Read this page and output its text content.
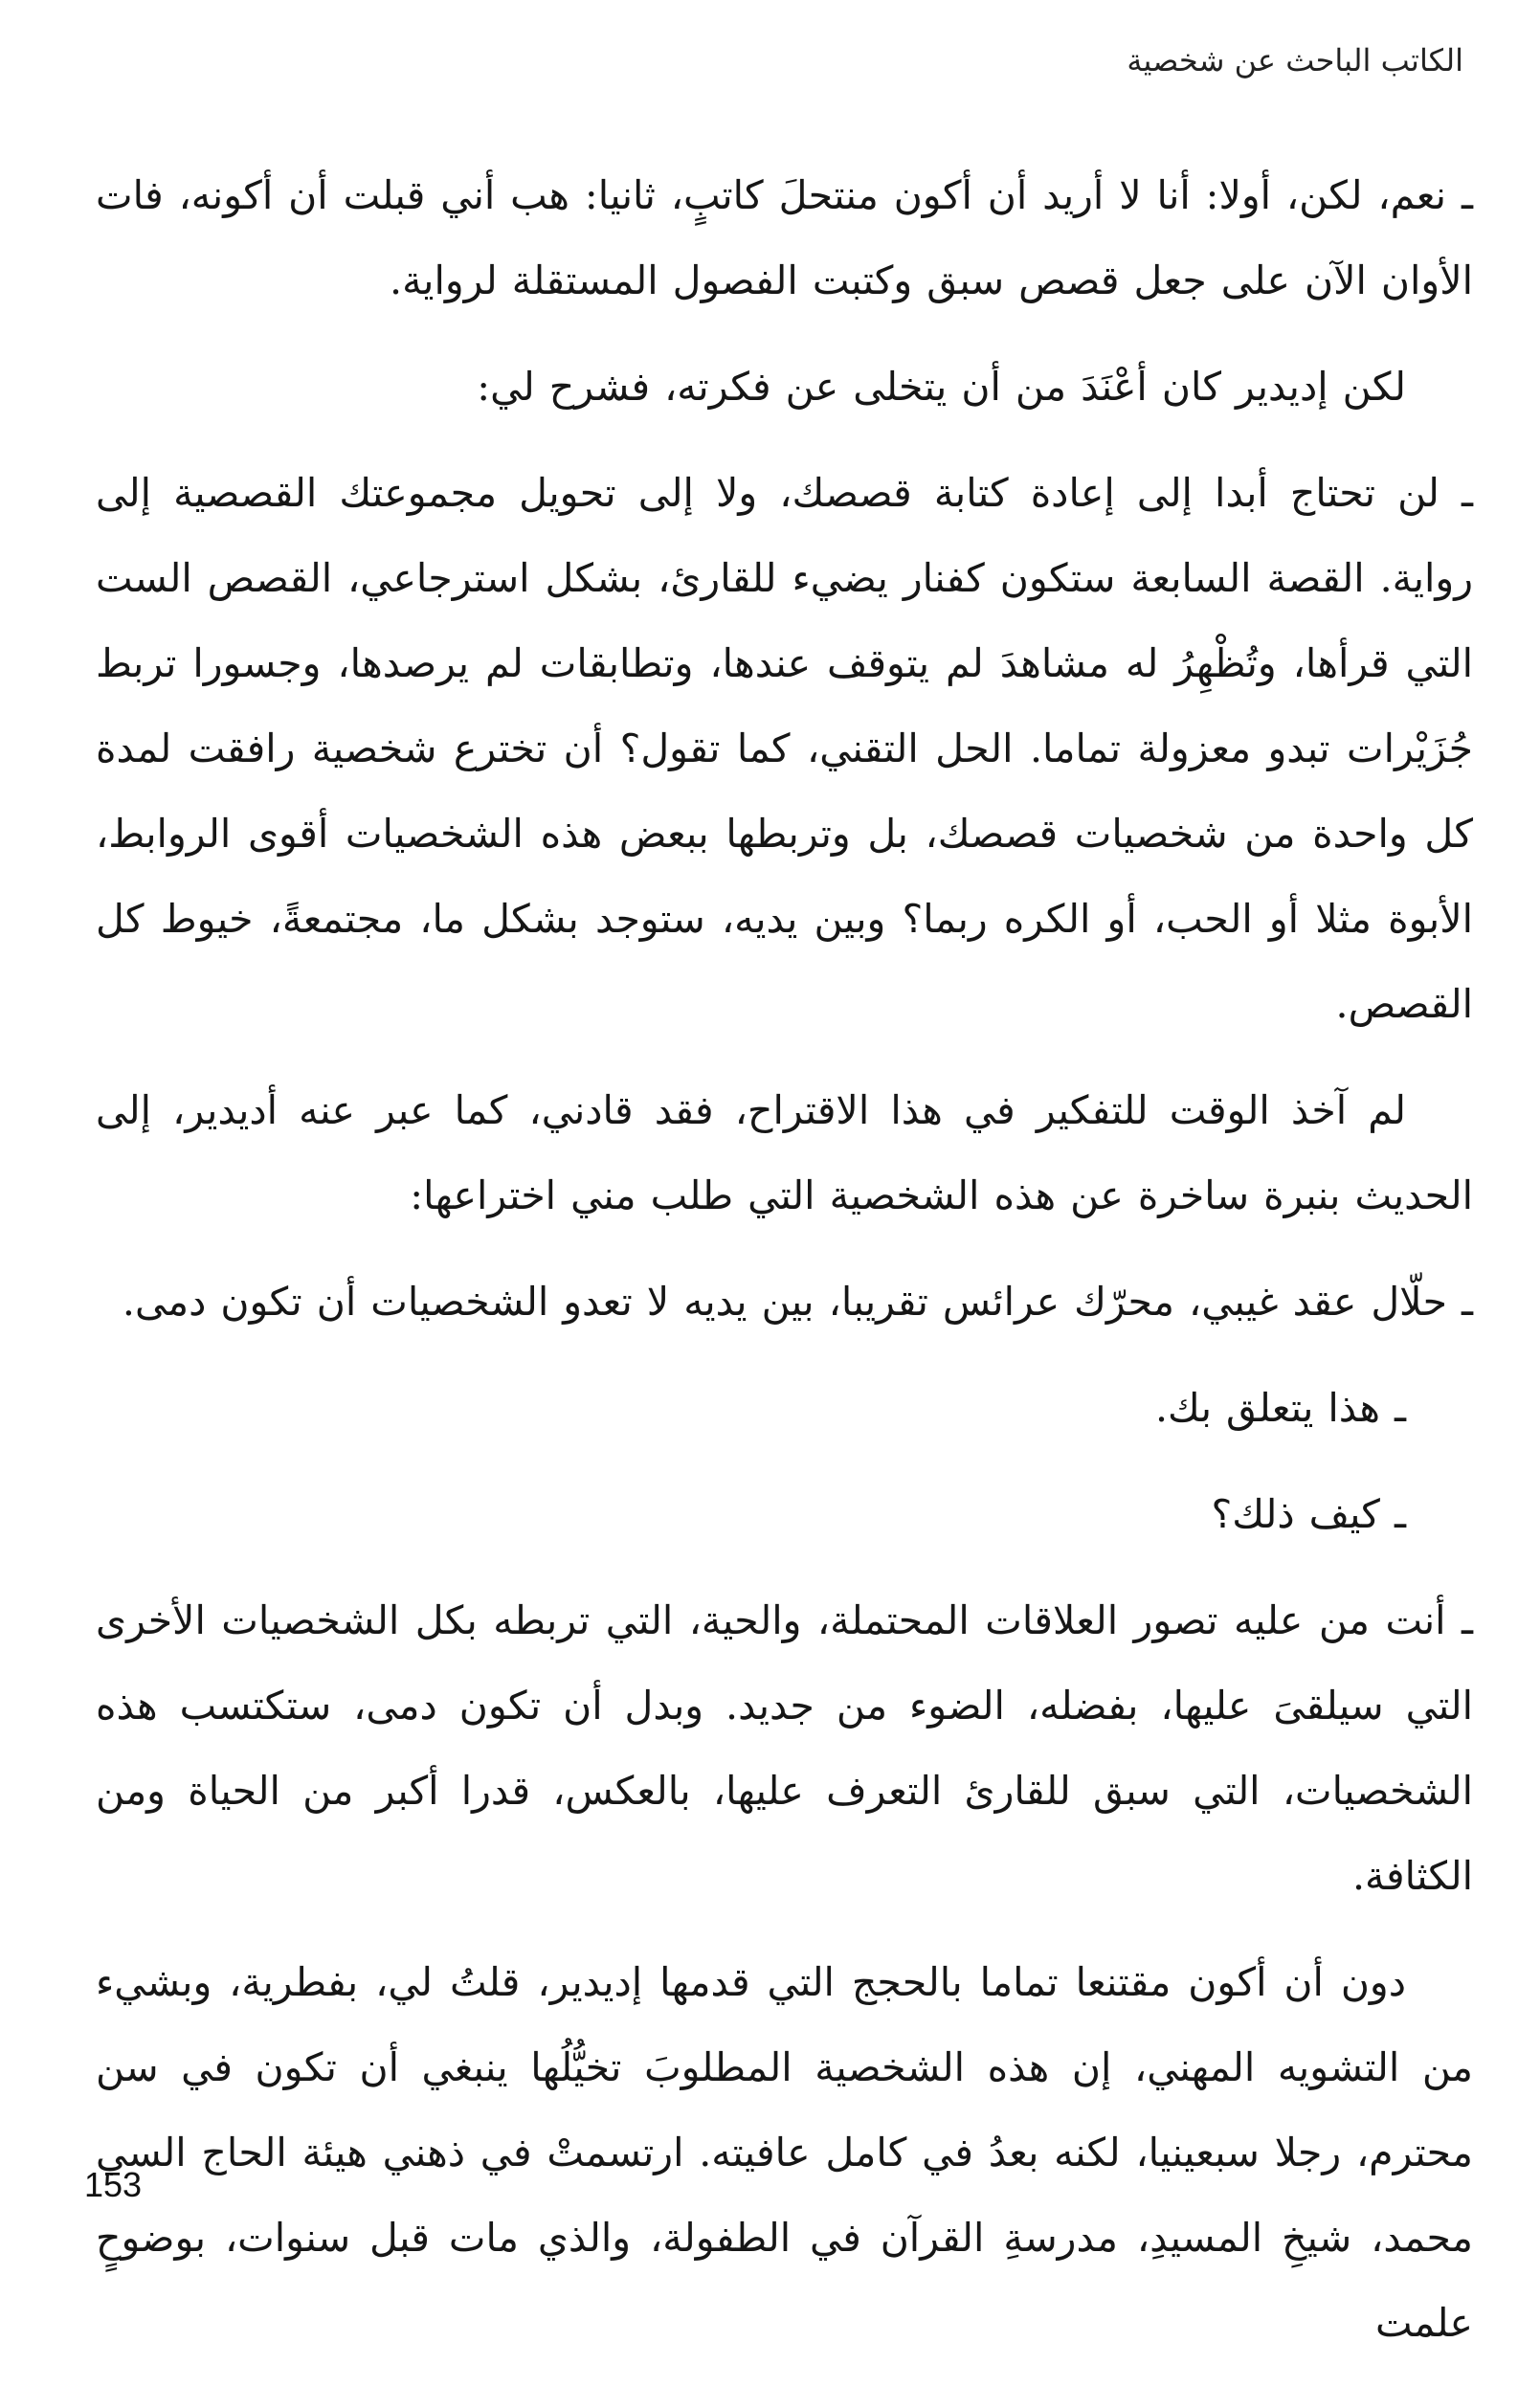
الكاتب الباحث عن شخصية

ـ نعم، لكن، أولا: أنا لا أريد أن أكون منتحلَ كاتبٍ، ثانيا: هب أني قبلت أن أكونه، فات الأوان الآن على جعل قصص سبق وكتبت الفصول المستقلة لرواية.

لكن إديدير كان أعْنَدَ من أن يتخلى عن فكرته، فشرح لي:

ـ لن تحتاج أبدا إلى إعادة كتابة قصصك، ولا إلى تحويل مجموعتك القصصية إلى رواية. القصة السابعة ستكون كفنار يضيء للقارئ، بشكل استرجاعي، القصص الست التي قرأها، وتُظْهِرُ له مشاهدَ لم يتوقف عندها، وتطابقات لم يرصدها، وجسورا تربط جُزَيْرات تبدو معزولة تماما. الحل التقني، كما تقول؟ أن تخترع شخصية رافقت لمدة كل واحدة من شخصيات قصصك، بل وتربطها ببعض هذه الشخصيات أقوى الروابط، الأبوة مثلا أو الحب، أو الكره ربما؟ وبين يديه، ستوجد بشكل ما، مجتمعةً، خيوط كل القصص.

لم آخذ الوقت للتفكير في هذا الاقتراح، فقد قادني، كما عبر عنه أديدير، إلى الحديث بنبرة ساخرة عن هذه الشخصية التي طلب مني اختراعها:

ـ حلّال عقد غيبي، محرّك عرائس تقريبا، بين يديه لا تعدو الشخصيات أن تكون دمى.

ـ هذا يتعلق بك.

ـ كيف ذلك؟

ـ أنت من عليه تصور العلاقات المحتملة، والحية، التي تربطه بكل الشخصيات الأخرى التي سيلقىَ عليها، بفضله، الضوء من جديد. وبدل أن تكون دمى، ستكتسب هذه الشخصيات، التي سبق للقارئ التعرف عليها، بالعكس، قدرا أكبر من الحياة ومن الكثافة.

دون أن أكون مقتنعا تماما بالحجج التي قدمها إديدير، قلتُ لي، بفطرية، وبشيء من التشويه المهني، إن هذه الشخصية المطلوبَ تخيُّلُها ينبغي أن تكون في سن محترم، رجلا سبعينيا، لكنه بعدُ في كامل عافيته. ارتسمتْ في ذهني هيئة الحاج السي محمد، شيخِ المسيدِ، مدرسةِ القرآن في الطفولة، والذي مات قبل سنوات، بوضوحٍ علمت

153
